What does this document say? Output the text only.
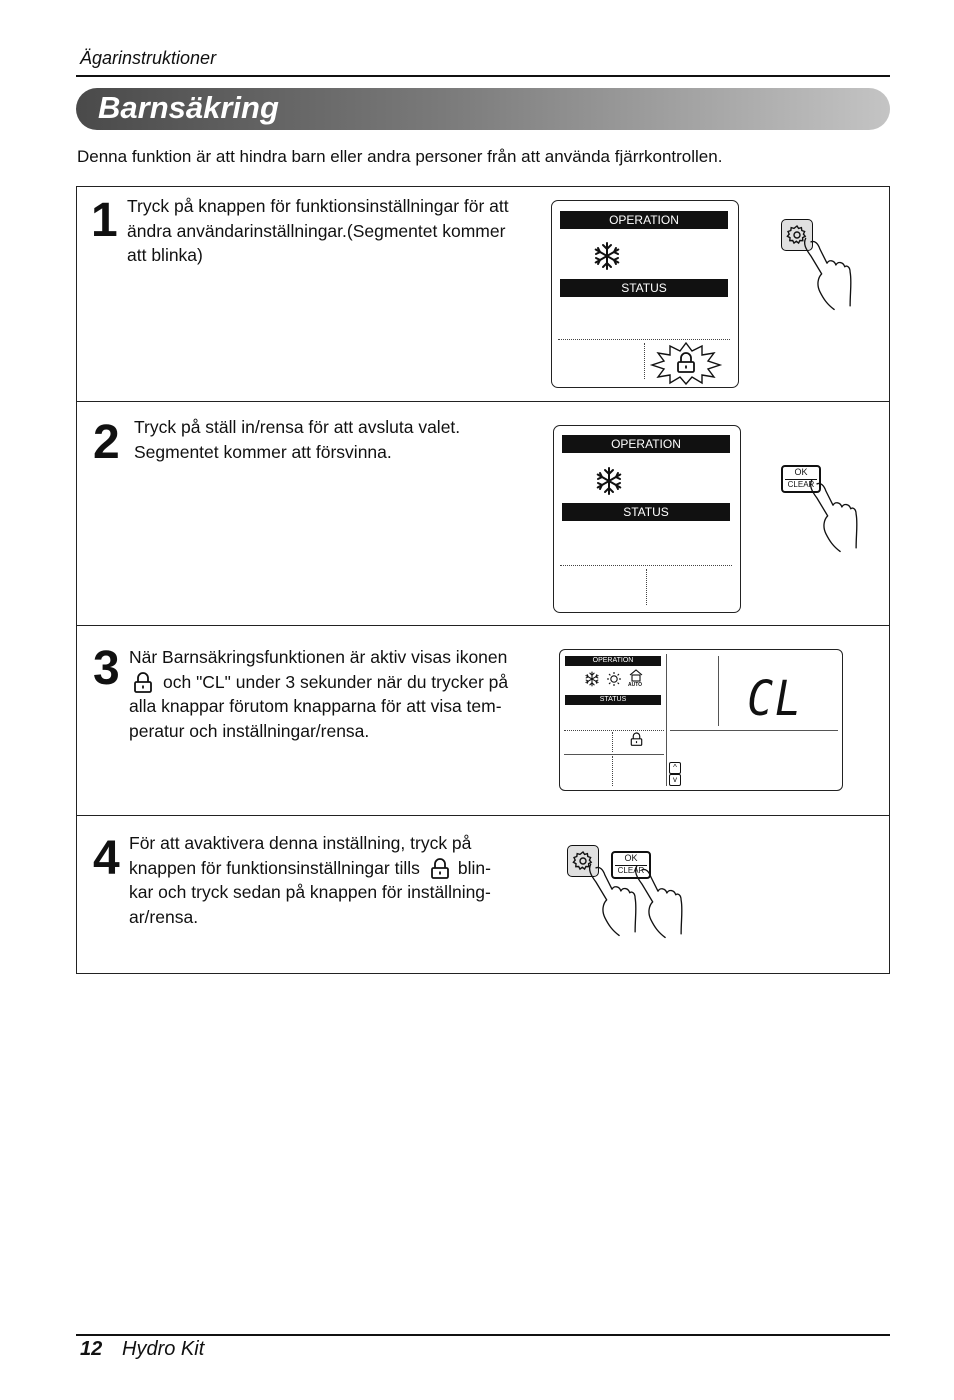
Ägarinstruktioner
Barnsäkring
Denna funktion är att hindra barn eller andra personer från att använda fjärrkontrollen.
1 Tryck på knappen för funktionsinställningar för att
ändra användarinställningar.(Segmentet kommer
att blinka)
OPERATION
STATUS
2 Tryck på ställ in/rensa för att avsluta valet.
Segmentet kommer att försvinna.	OPERATION
STATUS
OK
CLEAR
3 När Barnsäkringsfunktionen är aktiv visas ikonen
och "CL" under 3 sekunder när du trycker på
alla knappar förutom knapparna för att visa tem-
peratur och inställningar/rensa.
OPERATION
AUTO
STATUS	CL
^
v
4 För att avaktivera denna inställning, tryck på
knappen för funktionsinställningar tills blin-
kar och tryck sedan på knappen för inställning-
ar/rensa.
OK
CLEAR
12 Hydro Kit
